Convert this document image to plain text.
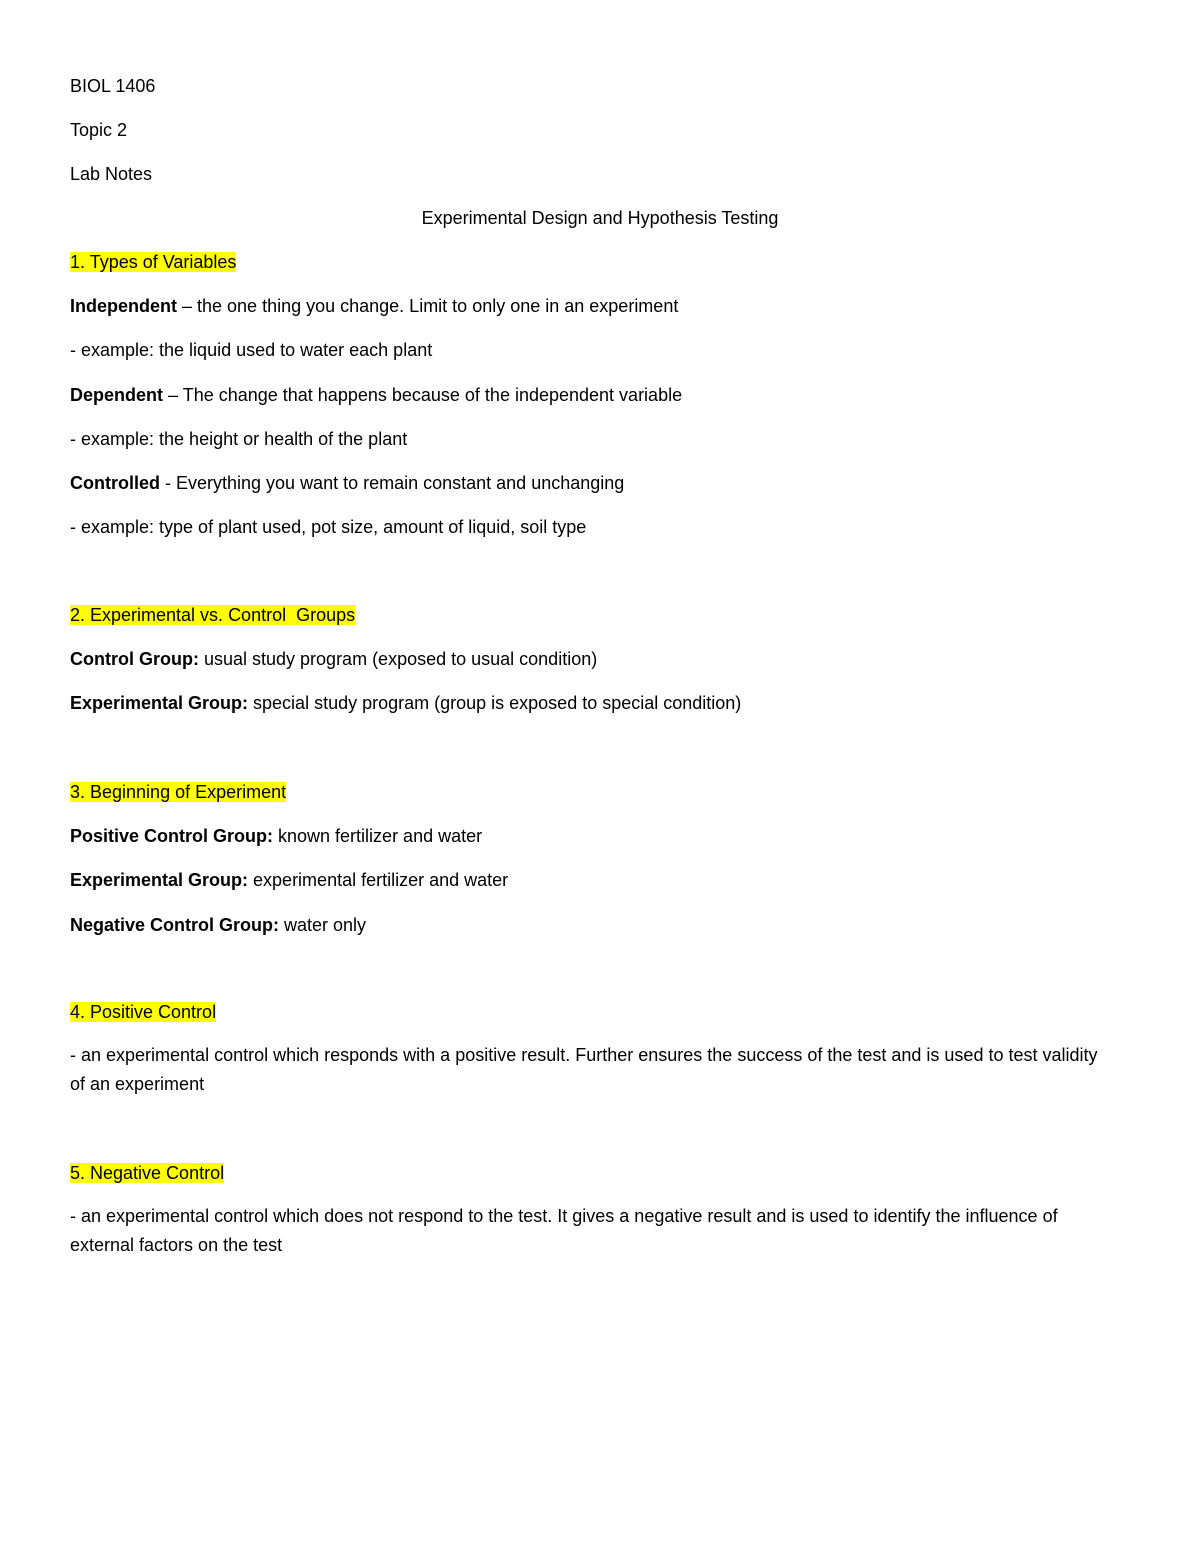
BIOL 1406
Topic 2
Lab Notes
Experimental Design and Hypothesis Testing
1. Types of Variables
Independent – the one thing you change. Limit to only one in an experiment
- example: the liquid used to water each plant
Dependent – The change that happens because of the independent variable
- example: the height or health of the plant
Controlled - Everything you want to remain constant and unchanging
- example: type of plant used, pot size, amount of liquid, soil type
2. Experimental vs. Control  Groups
Control Group: usual study program (exposed to usual condition)
Experimental Group: special study program (group is exposed to special condition)
3. Beginning of Experiment
Positive Control Group: known fertilizer and water
Experimental Group: experimental fertilizer and water
Negative Control Group: water only
4. Positive Control
- an experimental control which responds with a positive result. Further ensures the success of the test and is used to test validity of an experiment
5. Negative Control
- an experimental control which does not respond to the test. It gives a negative result and is used to identify the influence of external factors on the test
